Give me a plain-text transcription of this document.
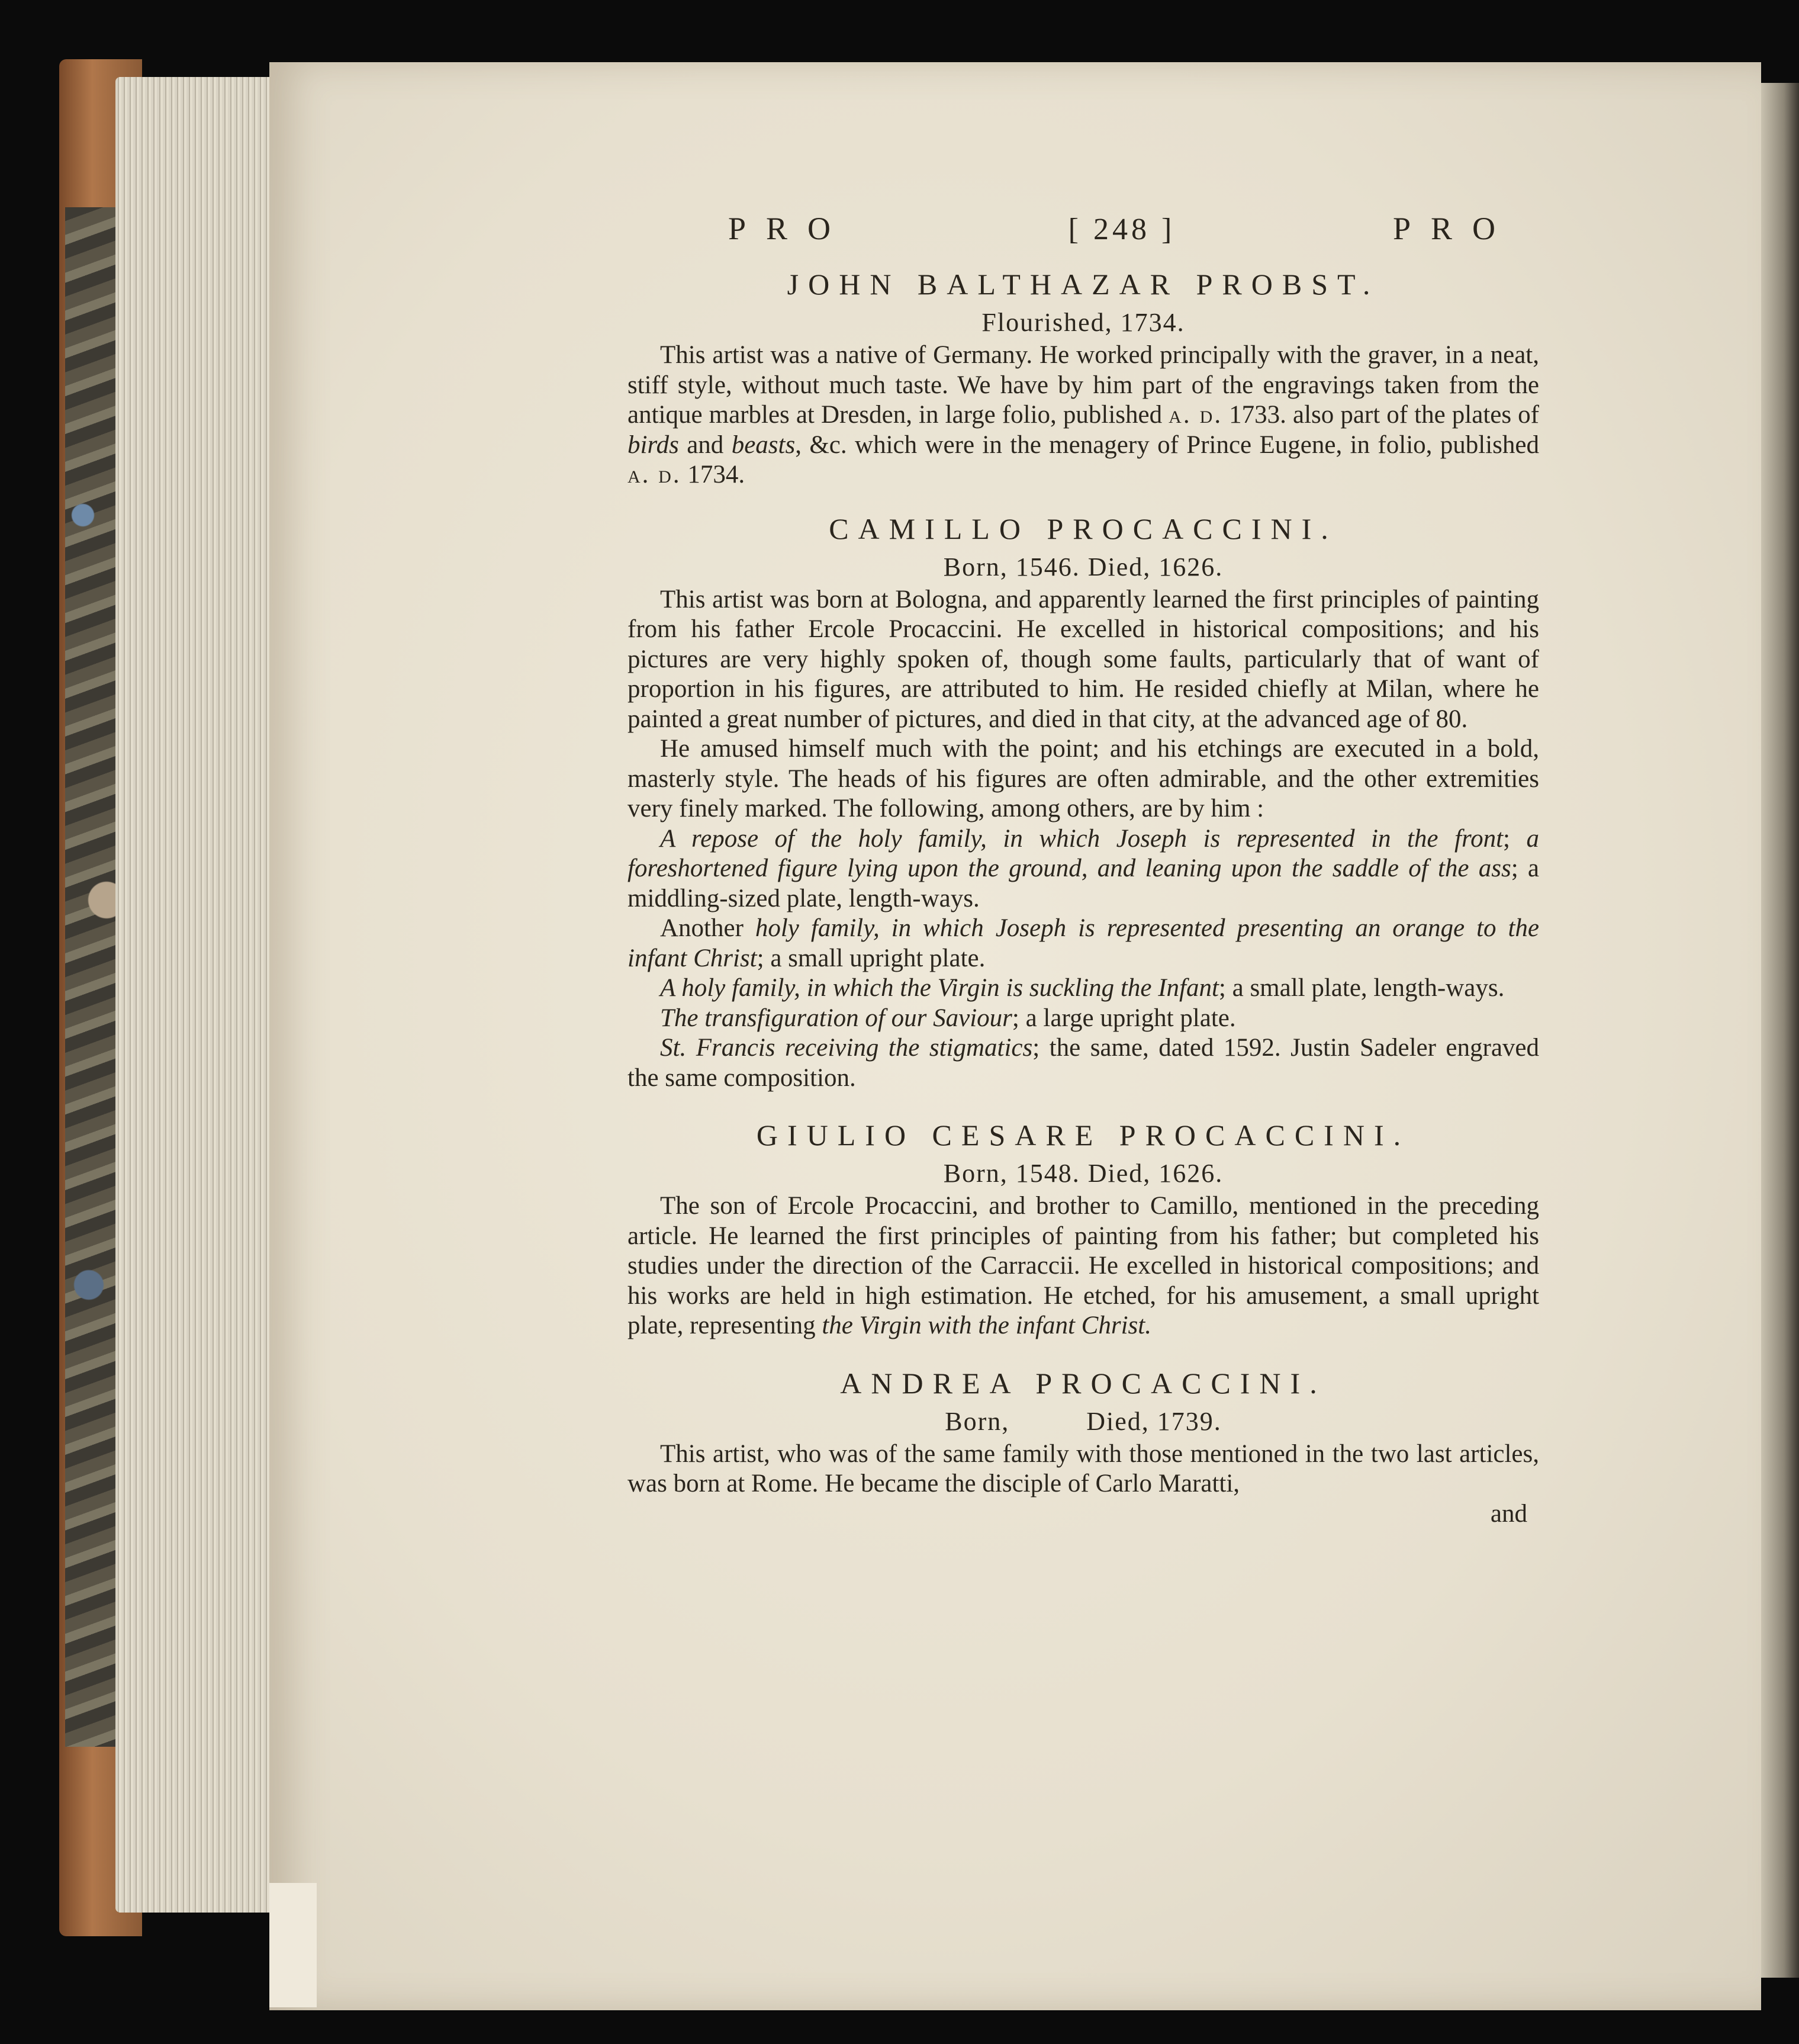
PRO	[ 248 ]	PRO
JOHN BALTHAZAR PROBST.
Flourished, 1734.

This artist was a native of Germany. He worked principally with the graver, in a neat, stiff style, without much taste. We have by him part of the engravings taken from the antique marbles at Dresden, in large folio, published a. d. 1733. also part of the plates of birds and beasts, &c. which were in the menagery of Prince Eugene, in folio, published a. d. 1734.

CAMILLO PROCACCINI.
Born, 1546. Died, 1626.

This artist was born at Bologna, and apparently learned the first principles of painting from his father Ercole Procaccini. He excelled in historical compositions; and his pictures are very highly spoken of, though some faults, particularly that of want of proportion in his figures, are attributed to him. He resided chiefly at Milan, where he painted a great number of pictures, and died in that city, at the advanced age of 80.

He amused himself much with the point; and his etchings are executed in a bold, masterly style. The heads of his figures are often admirable, and the other extremities very finely marked. The following, among others, are by him :

A repose of the holy family, in which Joseph is represented in the front; a foreshortened figure lying upon the ground, and leaning upon the saddle of the ass; a middling-sized plate, length-ways.

Another holy family, in which Joseph is represented presenting an orange to the infant Christ; a small upright plate.

A holy family, in which the Virgin is suckling the Infant; a small plate, length-ways.

The transfiguration of our Saviour; a large upright plate.

St. Francis receiving the stigmatics; the same, dated 1592. Justin Sadeler engraved the same composition.

GIULIO CESARE PROCACCINI.
Born, 1548. Died, 1626.

The son of Ercole Procaccini, and brother to Camillo, mentioned in the preceding article. He learned the first principles of painting from his father; but completed his studies under the direction of the Carraccii. He excelled in historical compositions; and his works are held in high estimation. He etched, for his amusement, a small upright plate, representing the Virgin with the infant Christ.

ANDREA PROCACCINI.
Born,          Died, 1739.

This artist, who was of the same family with those mentioned in the two last articles, was born at Rome. He became the disciple of Carlo Maratti,

and
